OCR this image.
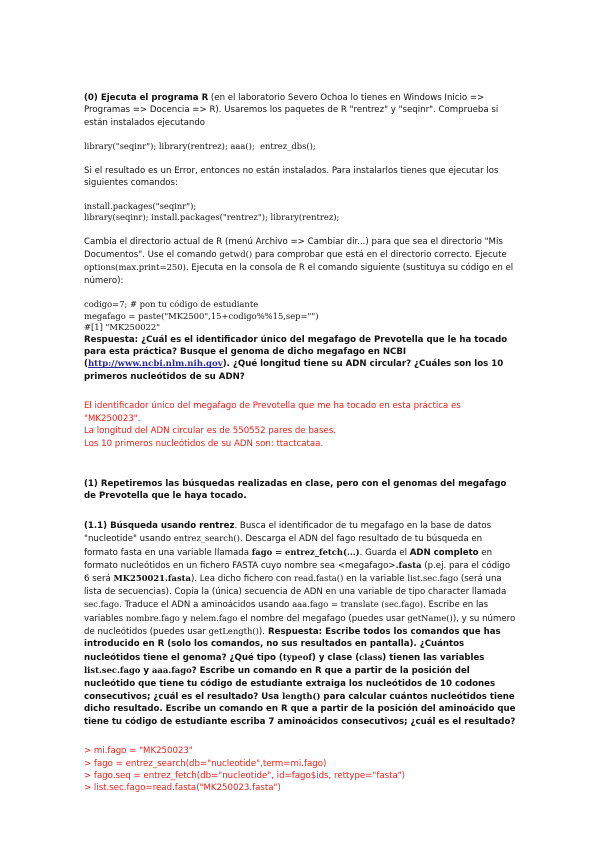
(0) Ejecuta el programa R (en el laboratorio Severo Ochoa lo tienes en Windows Inicio => Programas => Docencia => R). Usaremos los paquetes de R "rentrez" y "seqinr". Comprueba si están instalados ejecutando

library("seqinr"); library(rentrez); aaa();  entrez_dbs();

Si el resultado es un Error, entonces no están instalados. Para instalarlos tienes que ejecutar los siguientes comandos:

install.packages("seqinr");

library(seqinr); install.packages("rentrez"); library(rentrez);

Cambia el directorio actual de R (menú Archivo => Cambiar dir...) para que sea el directorio "Mis Documentos". Use el comando getwd() para comprobar que está en el directorio correcto. Ejecute options(max.print=250). Ejecuta en la consola de R el comando siguiente (sustituya su código en el número):

codigo=7; # pon tu código de estudiante

megafago = paste("MK2500",15+codigo%%15,sep="")

#[1] "MK250022"

Respuesta: ¿Cuál es el identificador único del megafago de Prevotella que le ha tocado para esta práctica? Busque el genoma de dicho megafago en NCBI (http://www.ncbi.nlm.nih.gov). ¿Qué longitud tiene su ADN circular? ¿Cuáles son los 10 primeros nucleótidos de su ADN?

El identificador único del megafago de Prevotella que me ha tocado en esta práctica es "MK250023".

La longitud del ADN circular es de 550552 pares de bases.

Los 10 primeros nucleótidos de su ADN son: ttactcataa.

(1) Repetiremos las búsquedas realizadas en clase, pero con el genomas del megafago de Prevotella que le haya tocado.

(1.1) Búsqueda usando rentrez. Busca el identificador de tu megafago en la base de datos "nucleotide" usando entrez_search(). Descarga el ADN del fago resultado de tu búsqueda en formato fasta en una variable llamada fago = entrez_fetch(...). Guarda el ADN completo en formato nucleótidos en un fichero FASTA cuyo nombre sea <megafago>.fasta (p.ej. para el código 6 será MK250021.fasta). Lea dicho fichero con read.fasta() en la variable list.sec.fago (será una lista de secuencias). Copia la (única) secuencia de ADN en una variable de tipo character llamada sec.fago. Traduce el ADN a aminoácidos usando aaa.fago = translate (sec.fago). Escribe en las variables nombre.fago y nelem.fago el nombre del megafago (puedes usar getName()), y su número de nucleótidos (puedes usar getLength()). Respuesta: Escribe todos los comandos que has introducido en R (solo los comandos, no sus resultados en pantalla). ¿Cuántos nucleótidos tiene el genoma? ¿Qué tipo (typeof) y clase (class) tienen las variables list.sec.fago y aaa.fago? Escribe un comando en R que a partir de la posición del nucleótido que tiene tu código de estudiante extraiga los nucleótidos de 10 codones consecutivos; ¿cuál es el resultado? Usa length() para calcular cuántos nucleótidos tiene dicho resultado. Escribe un comando en R que a partir de la posición del aminoácido que tiene tu código de estudiante escriba 7 aminoácidos consecutivos; ¿cuál es el resultado?

> mi.fago = "MK250023"

> fago = entrez_search(db="nucleotide",term=mi.fago)

> fago.seq = entrez_fetch(db="nucleotide", id=fago$ids, rettype="fasta")

> list.sec.fago=read.fasta("MK250023.fasta")
